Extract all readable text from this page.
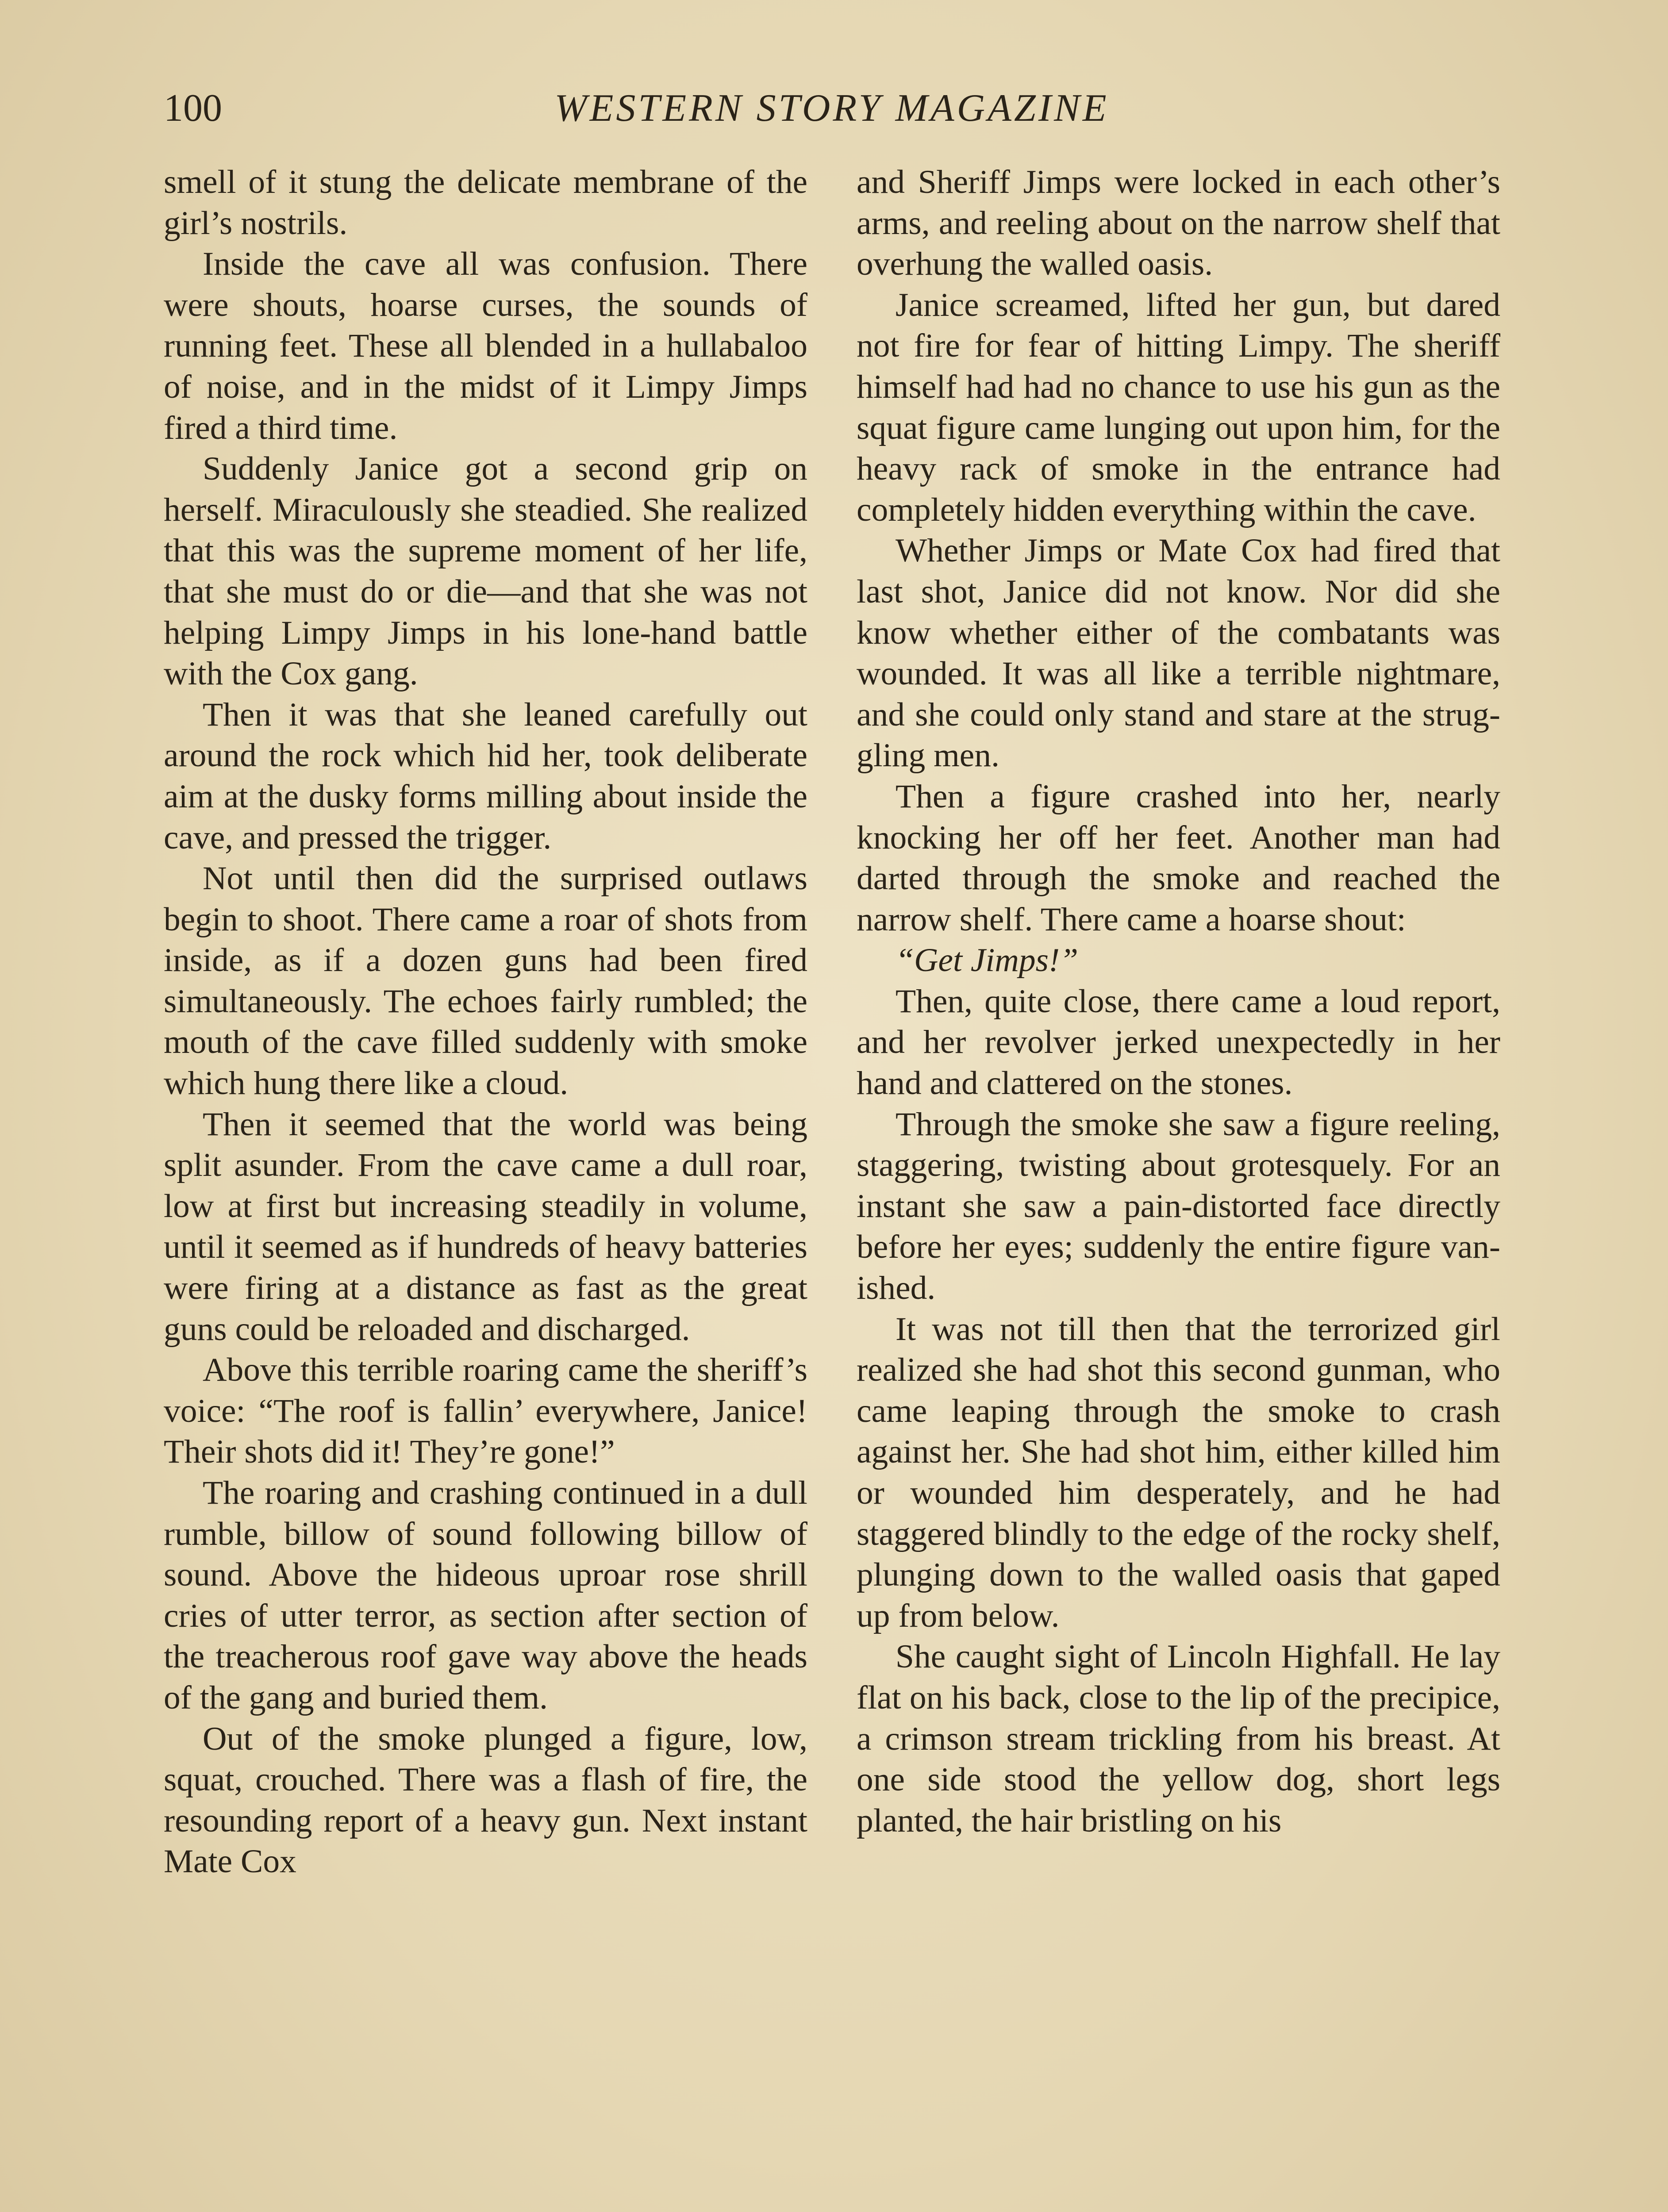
100	WESTERN STORY MAGAZINE

smell of it stung the delicate membrane of the girl’s nostrils.

Inside the cave all was confusion. There were shouts, hoarse curses, the sounds of running feet. These all blended in a hullabaloo of noise, and in the midst of it Limpy Jimps fired a third time.

Suddenly Janice got a second grip on herself. Miraculously she steadied. She realized that this was the supreme moment of her life, that she must do or die—and that she was not helping Limpy Jimps in his lone-hand battle with the Cox gang.

Then it was that she leaned carefully out around the rock which hid her, took deliberate aim at the dusky forms milling about inside the cave, and pressed the trigger.

Not until then did the surprised outlaws begin to shoot. There came a roar of shots from inside, as if a dozen guns had been fired simultaneously. The echoes fairly rumbled; the mouth of the cave filled suddenly with smoke which hung there like a cloud.

Then it seemed that the world was being split asunder. From the cave came a dull roar, low at first but increasing steadily in volume, until it seemed as if hundreds of heavy batteries were firing at a distance as fast as the great guns could be reloaded and discharged.

Above this terrible roaring came the sheriff’s voice: “The roof is fallin’ everywhere, Janice! Their shots did it! They’re gone!”

The roaring and crashing continued in a dull rumble, billow of sound following billow of sound. Above the hideous uproar rose shrill cries of utter terror, as section after section of the treacherous roof gave way above the heads of the gang and buried them.

Out of the smoke plunged a figure, low, squat, crouched. There was a flash of fire, the resounding report of a heavy gun. Next instant Mate Cox

and Sheriff Jimps were locked in each other’s arms, and reeling about on the narrow shelf that overhung the walled oasis.

Janice screamed, lifted her gun, but dared not fire for fear of hitting Limpy. The sheriff himself had had no chance to use his gun as the squat figure came lunging out upon him, for the heavy rack of smoke in the entrance had completely hidden everything within the cave.

Whether Jimps or Mate Cox had fired that last shot, Janice did not know. Nor did she know whether either of the combatants was wounded. It was all like a terrible nightmare, and she could only stand and stare at the struggling men.

Then a figure crashed into her, nearly knocking her off her feet. Another man had darted through the smoke and reached the narrow shelf. There came a hoarse shout:

“Get Jimps!”

Then, quite close, there came a loud report, and her revolver jerked unexpectedly in her hand and clattered on the stones.

Through the smoke she saw a figure reeling, staggering, twisting about grotesquely. For an instant she saw a pain-distorted face directly before her eyes; suddenly the entire figure vanished.

It was not till then that the terrorized girl realized she had shot this second gunman, who came leaping through the smoke to crash against her. She had shot him, either killed him or wounded him desperately, and he had staggered blindly to the edge of the rocky shelf, plunging down to the walled oasis that gaped up from below.

She caught sight of Lincoln Highfall. He lay flat on his back, close to the lip of the precipice, a crimson stream trickling from his breast. At one side stood the yellow dog, short legs planted, the hair bristling on his
